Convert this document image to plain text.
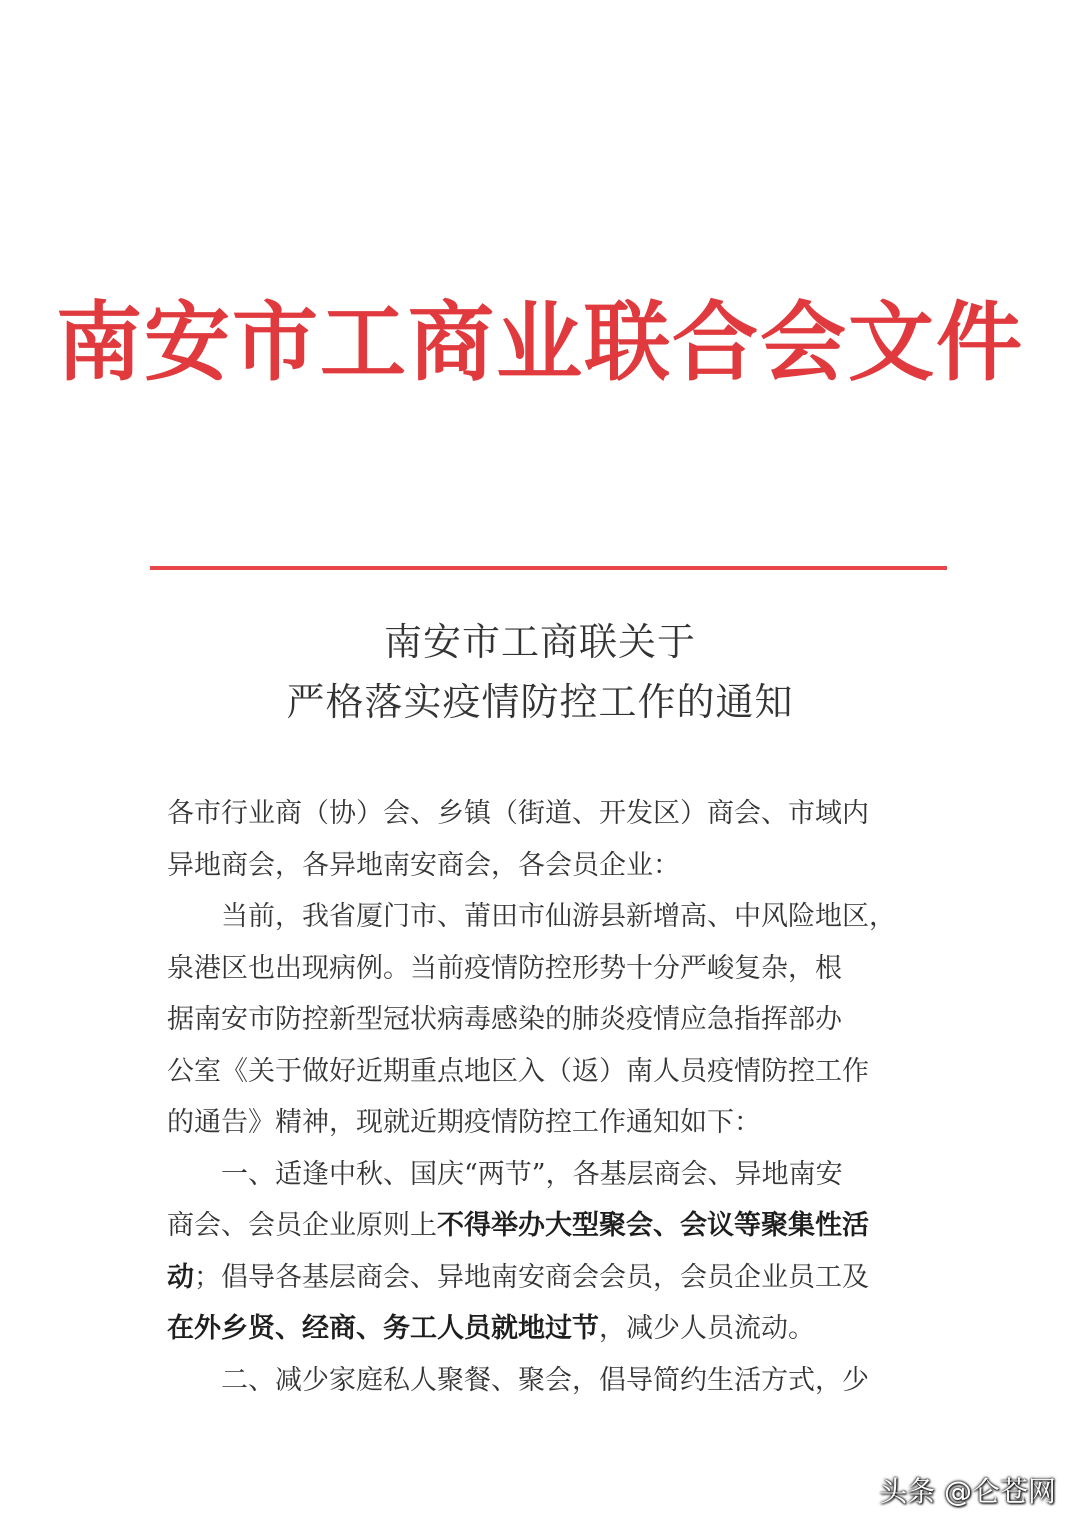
南安市工商业联合会文件
南安市工商联关于
严格落实疫情防控工作的通知
各市行业商（协）会、乡镇（街道、开发区）商会、市域内
异地商会，各异地南安商会，各会员企业：
当前，我省厦门市、莆田市仙游县新增高、中风险地区，
泉港区也出现病例。当前疫情防控形势十分严峻复杂，根
据南安市防控新型冠状病毒感染的肺炎疫情应急指挥部办
公室《关于做好近期重点地区入（返）南人员疫情防控工作
的通告》精神，现就近期疫情防控工作通知如下：
一、适逢中秋、国庆“两节”，各基层商会、异地南安
商会、会员企业原则上 不得举办大型聚会、会议等聚集性活
动 ；倡导各基层商会、异地南安商会会员，会员企业员工及
在外乡贤、经商、务工人员就地过节 ，减少人员流动。
二、减少家庭私人聚餐、聚会，倡导简约生活方式，少
头条 @仑苍网
